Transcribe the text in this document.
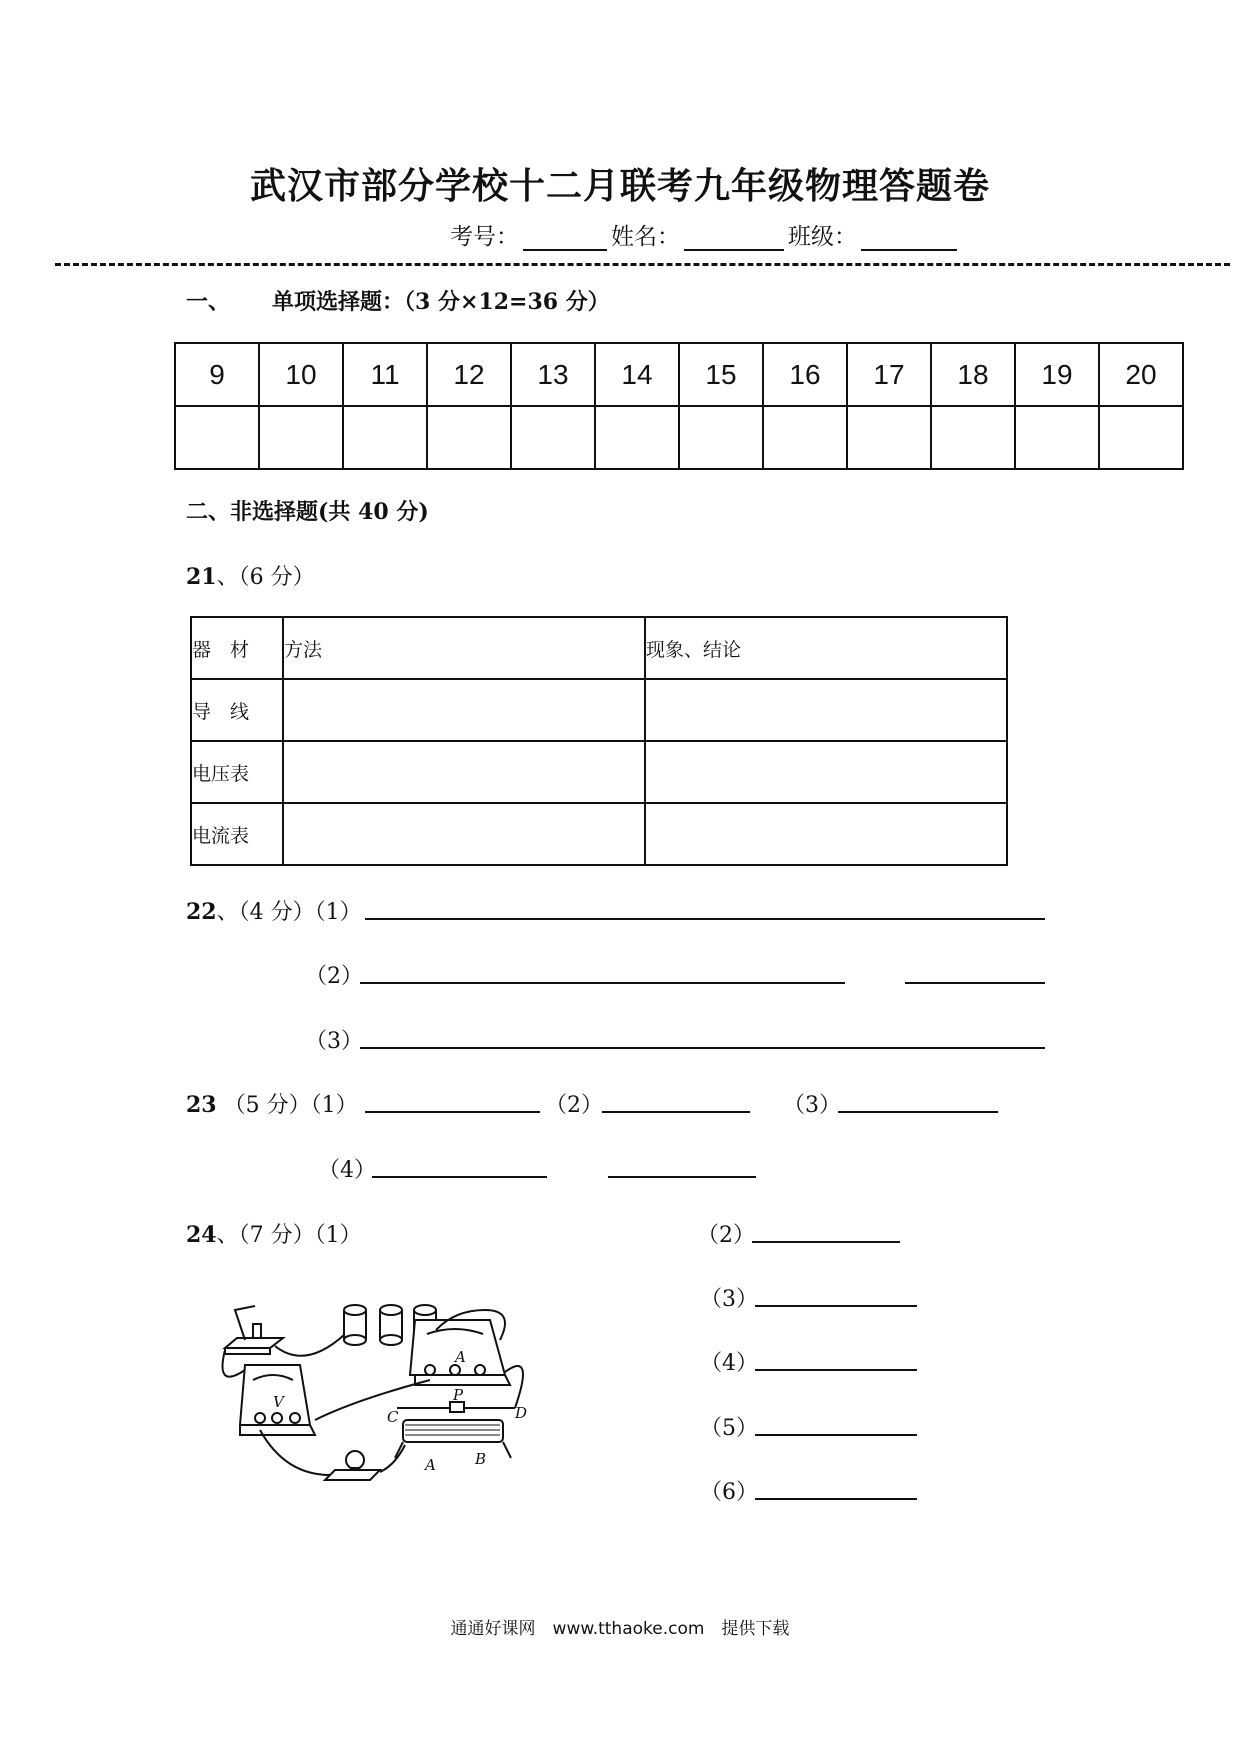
武汉市部分学校十二月联考九年级物理答题卷
考号：	姓名：	班级：
一、 单项选择题：（3 分×12=36 分）
9	10	11	12	13	14	15	16	17	18	19	20

二、非选择题(共 40 分)
21、（6 分）
器　材	方法	现象、结论
导　线		
电压表		
电流表		
22、（4 分）（1）
（2）
（3）
23 （5 分）（1）	（2）	（3）
（4）
24、（7 分）（1）	（2）
（3）
（4）
（5）
（6）
A
V
C
P
D
A	B
通通好课网　www.tthaoke.com　提供下载
